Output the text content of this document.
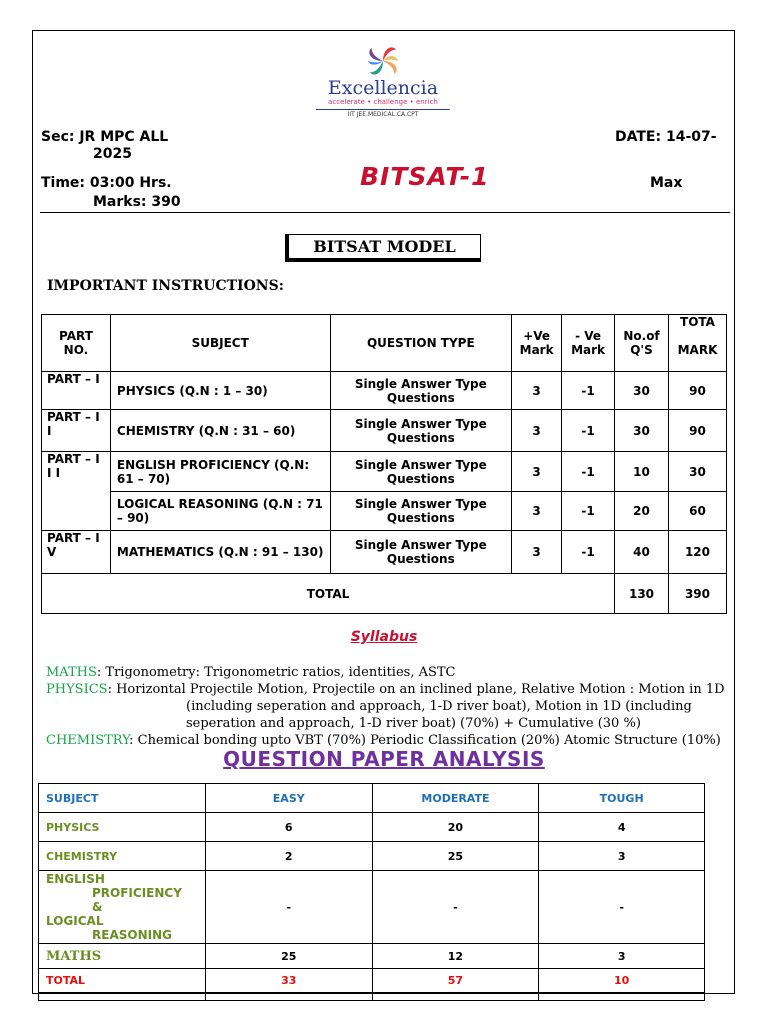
Excellencia
accelerate • challenge • enrich
IIT JEE.MEDICAL.CA.CPT
Sec: JR MPC ALL
2025
DATE: 14-07-
Time: 03:00 Hrs.	BITSAT-1	Max
Marks: 390
BITSAT MODEL
IMPORTANT INSTRUCTIONS:
PART NO.	SUBJECT	QUESTION TYPE	+Ve Mark	- Ve Mark	No.of Q'S	TOTA
MARK

PART – I	PHYSICS (Q.N : 1 – 30)	Single Answer Type Questions	3	-1	30	90
PART – I I	CHEMISTRY (Q.N : 31 – 60)	Single Answer Type Questions	3	-1	30	90
PART – I I I	ENGLISH PROFICIENCY (Q.N: 61 – 70)	Single Answer Type Questions	3	-1	10	30
	LOGICAL REASONING (Q.N : 71 – 90)	Single Answer Type Questions	3	-1	20	60
PART – I V	MATHEMATICS (Q.N : 91 – 130)	Single Answer Type Questions	3	-1	40	120
TOTAL					130	390
Syllabus

MATHS: Trigonometry: Trigonometric ratios, identities, ASTC

PHYSICS: Horizontal Projectile Motion, Projectile on an inclined plane, Relative Motion : Motion in 1D

(including seperation and approach, 1-D river boat), Motion in 1D (including

seperation and approach, 1-D river boat) (70%) + Cumulative (30 %)

CHEMISTRY: Chemical bonding upto VBT (70%) Periodic Classification (20%) Atomic Structure (10%)

QUESTION PAPER ANALYSIS
SUBJECT	EASY	MODERATE	TOUGH
PHYSICS	6	20	4
CHEMISTRY	2	25	3

ENGLISH
PROFICIENCY
&
LOGICAL
REASONING	-	-	-
MATHS	25	12	3
TOTAL	33	57	10
